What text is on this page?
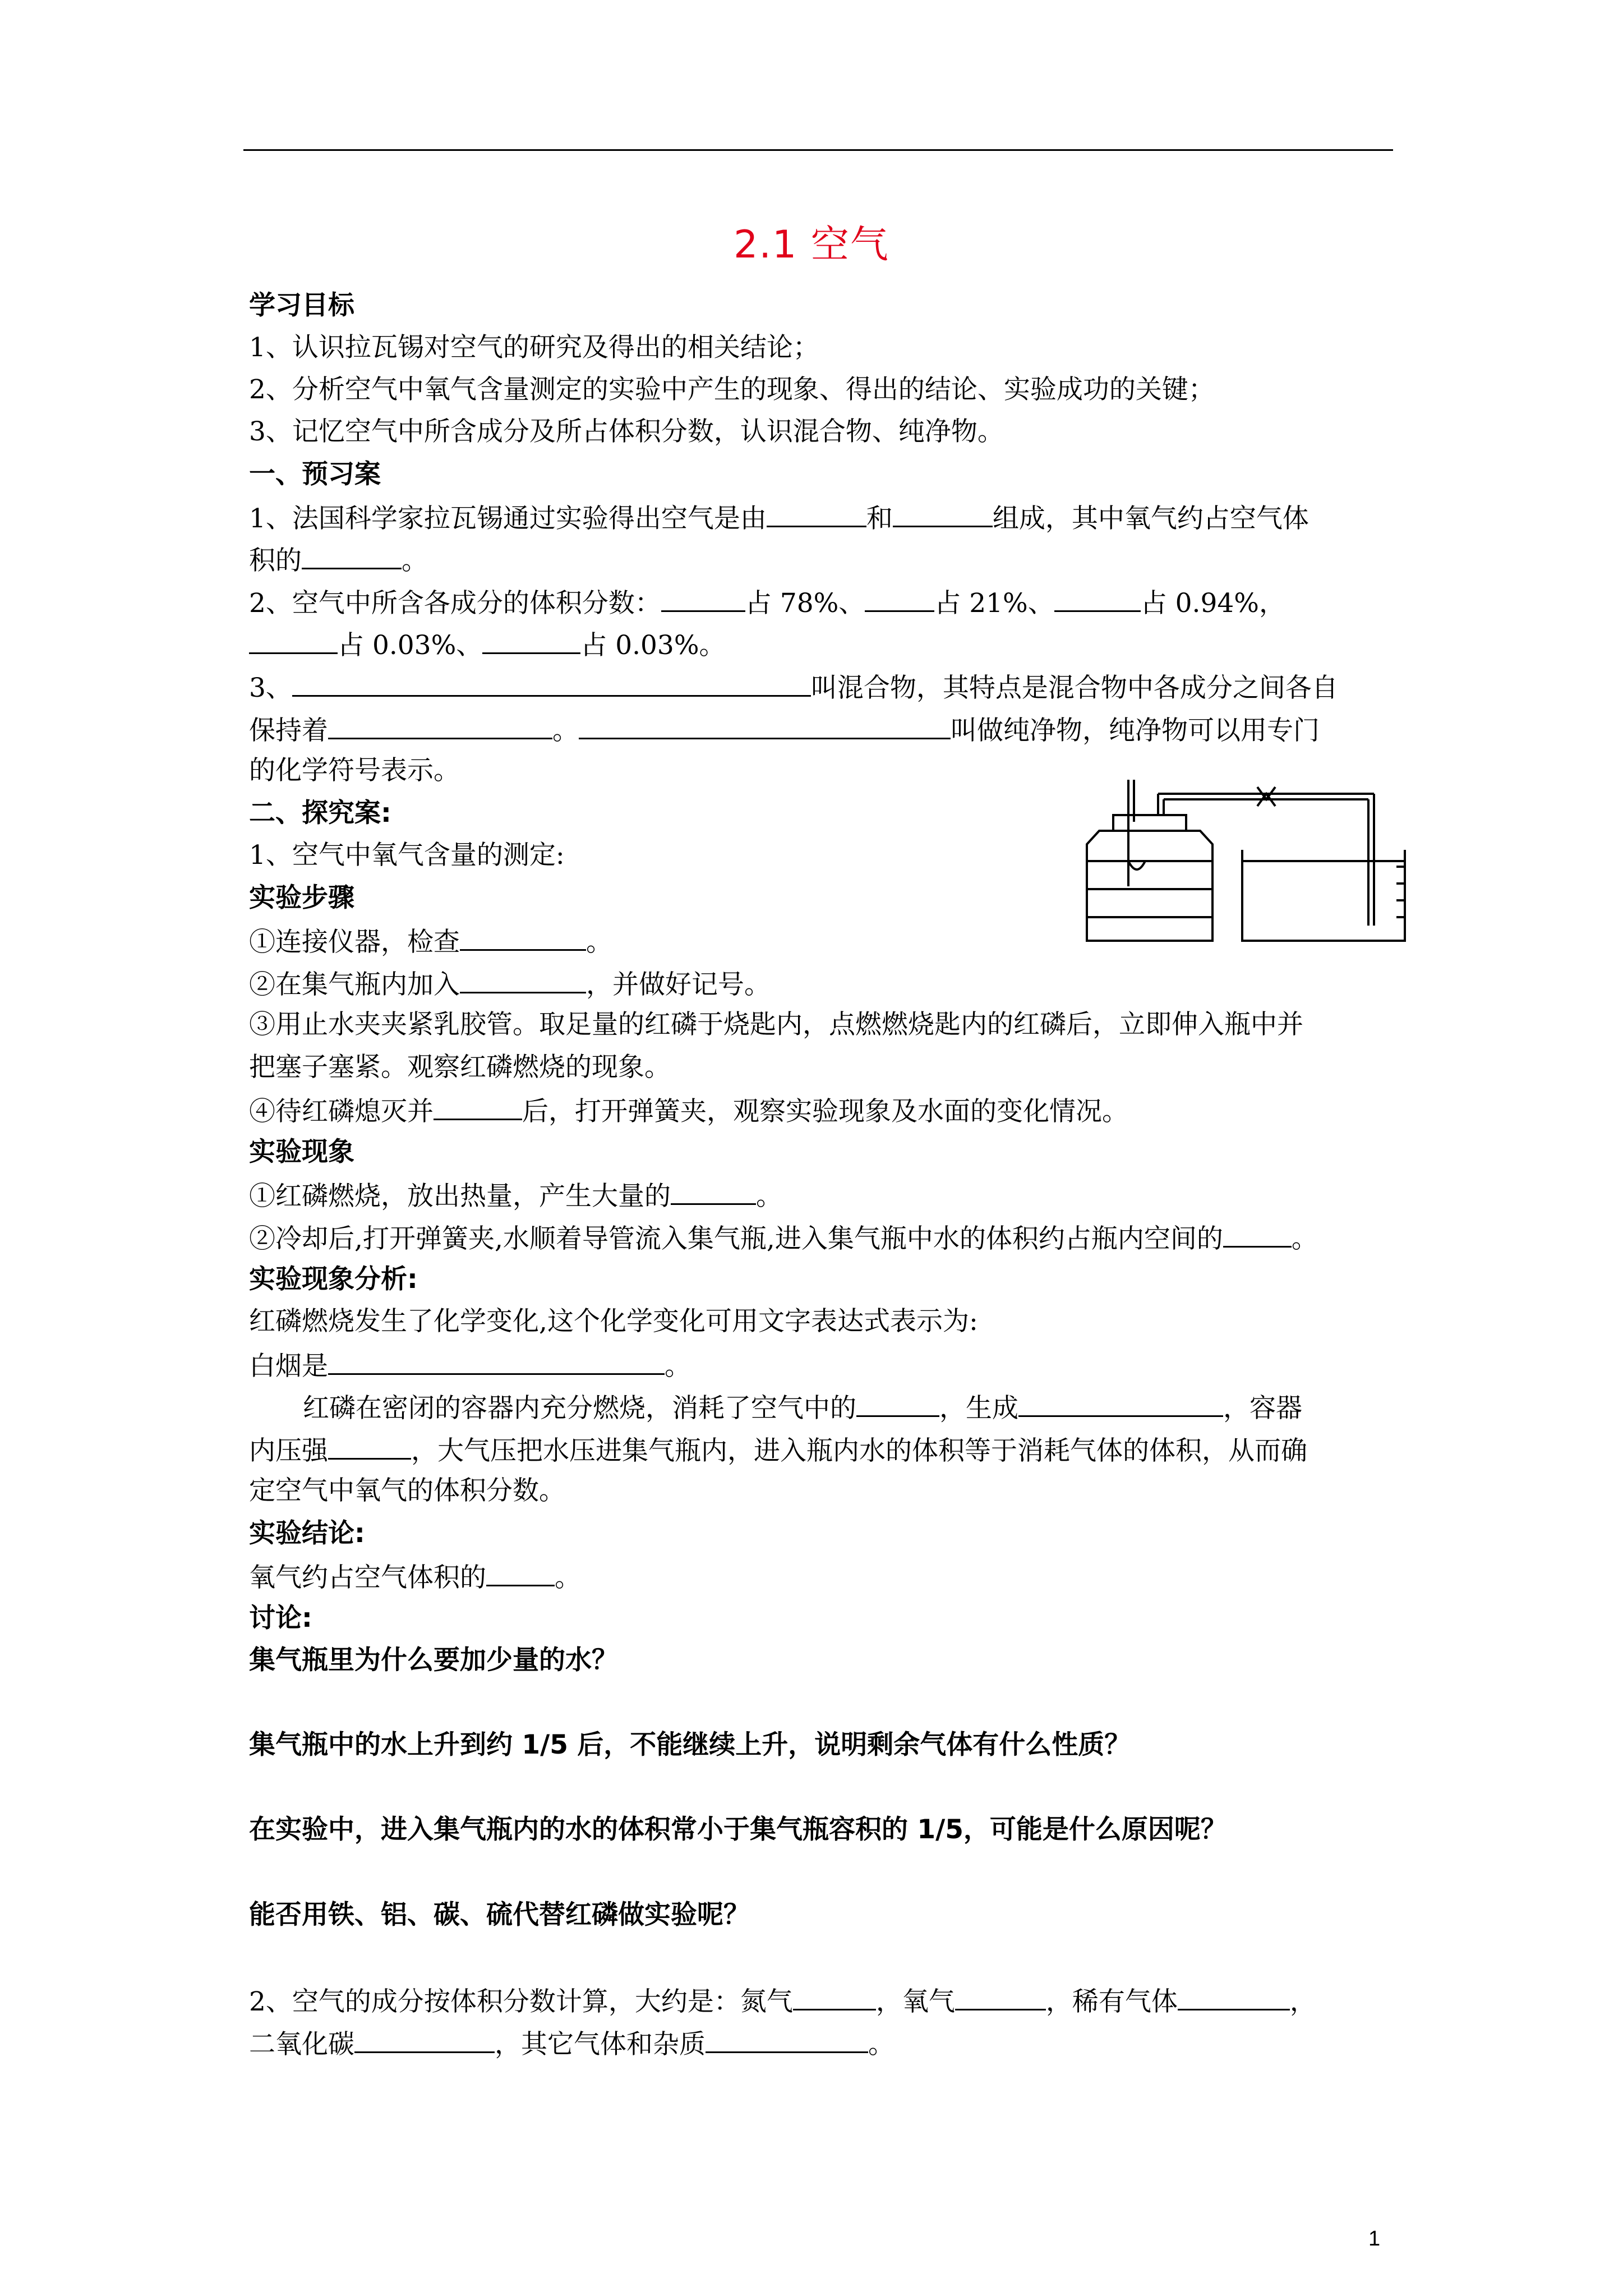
2.1 空气
学习目标
1、认识拉瓦锡对空气的研究及得出的相关结论；
2、分析空气中氧气含量测定的实验中产生的现象、得出的结论、实验成功的关键；
3、记忆空气中所含成分及所占体积分数，认识混合物、纯净物。
一、预习案
1、法国科学家拉瓦锡通过实验得出空气是由	和	组成，其中氧气约占空气体
积的	。
2、空气中所含各成分的体积分数：	占 78%、	占 21%、	占 0.94%，
占 0.03%、	占 0.03%。
3、	叫混合物，其特点是混合物中各成分之间各自
保持着	。	叫做纯净物，纯净物可以用专门
的化学符号表示。
二、探究案:
1、空气中氧气含量的测定:
实验步骤
①连接仪器，检查	。
②在集气瓶内加入	，并做好记号。
③用止水夹夹紧乳胶管。取足量的红磷于烧匙内，点燃燃烧匙内的红磷后，立即伸入瓶中并
把塞子塞紧。观察红磷燃烧的现象。
④待红磷熄灭并	后，打开弹簧夹，观察实验现象及水面的变化情况。
实验现象
①红磷燃烧，放出热量，产生大量的	。
②冷却后,打开弹簧夹,水顺着导管流入集气瓶,进入集气瓶中水的体积约占瓶内空间的	。
实验现象分析:
红磷燃烧发生了化学变化,这个化学变化可用文字表达式表示为:
白烟是	。
红磷在密闭的容器内充分燃烧，消耗了空气中的	，生成	，容器
内压强	，大气压把水压进集气瓶内，进入瓶内水的体积等于消耗气体的体积，从而确
定空气中氧气的体积分数。
实验结论:
氧气约占空气体积的	。
讨论:
集气瓶里为什么要加少量的水？
集气瓶中的水上升到约 1/5 后，不能继续上升，说明剩余气体有什么性质？
在实验中，进入集气瓶内的水的体积常小于集气瓶容积的 1/5，可能是什么原因呢？
能否用铁、铝、碳、硫代替红磷做实验呢？
2、空气的成分按体积分数计算，大约是：氮气	，氧气	，稀有气体	，
二氧化碳	，其它气体和杂质	。
1
